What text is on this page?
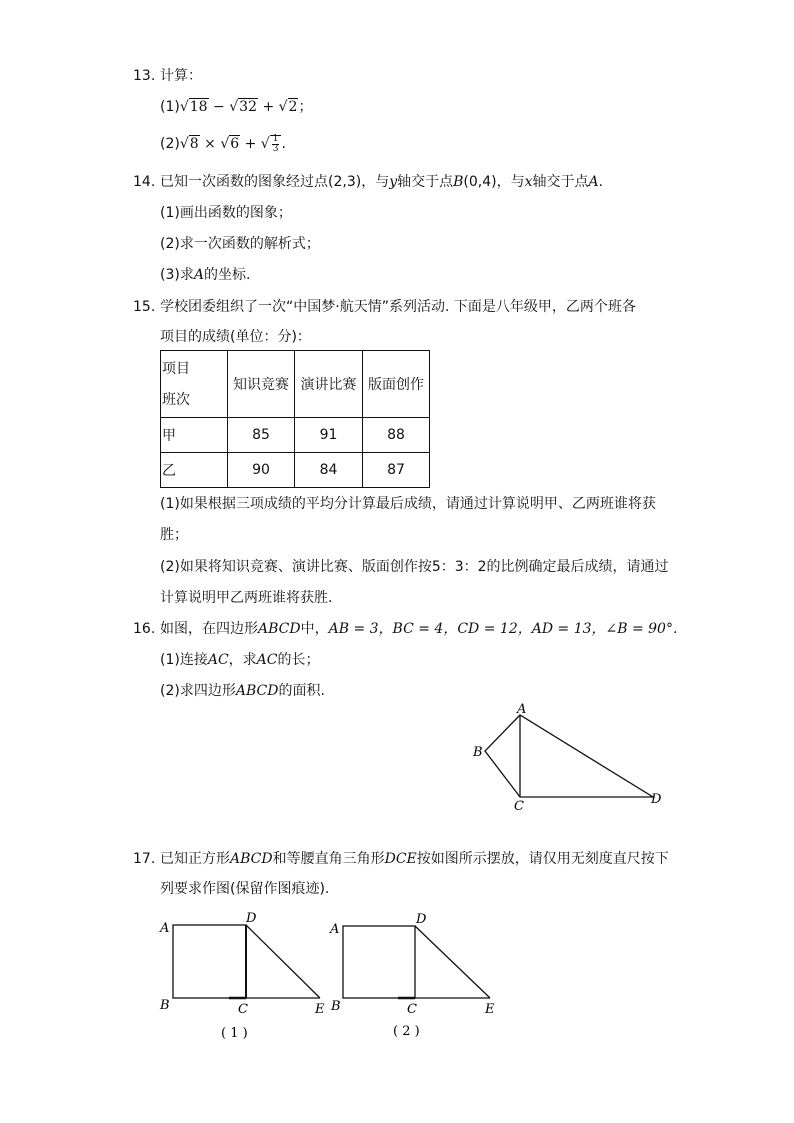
13. 计算：
(1)√18 − √32 + √2；
(2)√8 × √6 + √ $\frac{1}{3}$ .
14. 已知一次函数的图象经过点(2,3)，与y轴交于点B(0,4)，与x轴交于点A.
(1)画出函数的图象；
(2)求一次函数的解析式；
(3)求A的坐标.
15. 学校团委组织了一次“中国梦·航天情”系列活动. 下面是八年级甲，乙两个班各
项目的成绩(单位：分)：
项目
班次	知识竞赛	演讲比赛	版面创作
甲	85	91	88
乙	90	84	87
(1)如果根据三项成绩的平均分计算最后成绩，请通过计算说明甲、乙两班谁将获
胜；
(2)如果将知识竞赛、演讲比赛、版面创作按5：3：2的比例确定最后成绩，请通过
计算说明甲乙两班谁将获胜.
16. 如图，在四边形ABCD中，AB = 3，BC = 4，CD = 12，AD = 13，∠B = 90°.
(1)连接AC，求AC的长；
(2)求四边形ABCD的面积.
A
B
C	D
17. 已知正方形ABCD和等腰直角三角形DCE按如图所示摆放，请仅用无刻度直尺按下
列要求作图(保留作图痕迹).
A
D
B	C	E
( 1 )
A
D
B	C	E
( 2 )
